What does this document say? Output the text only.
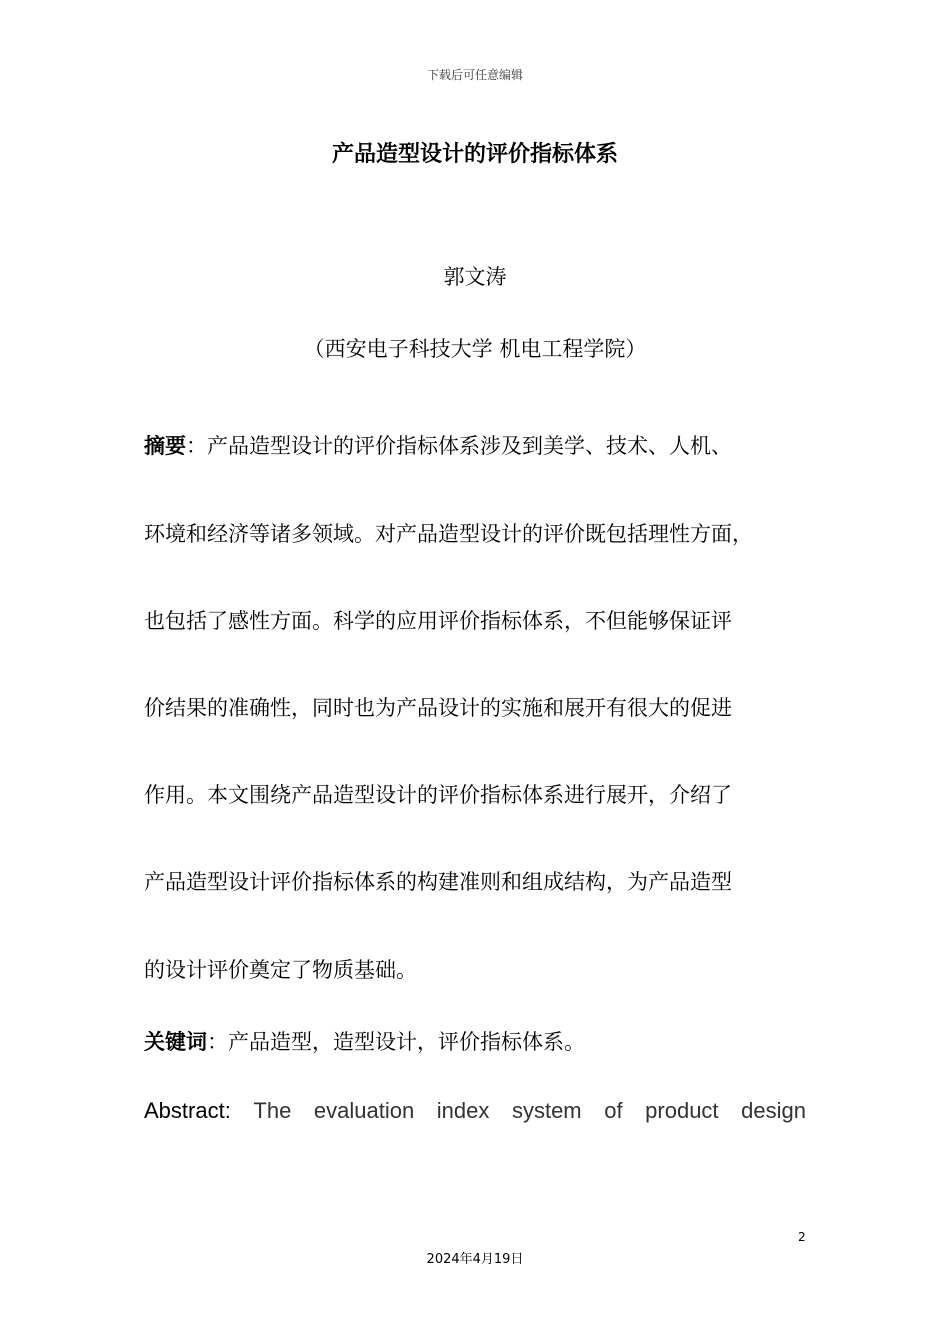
下载后可任意编辑
产品造型设计的评价指标体系
郭文涛
（西安电子科技大学 机电工程学院）
摘要：产品造型设计的评价指标体系涉及到美学、技术、人机、
环境和经济等诸多领域。对产品造型设计的评价既包括理性方面，
也包括了感性方面。科学的应用评价指标体系，不但能够保证评
价结果的准确性，同时也为产品设计的实施和展开有很大的促进
作用。本文围绕产品造型设计的评价指标体系进行展开，介绍了
产品造型设计评价指标体系的构建准则和组成结构，为产品造型
的设计评价奠定了物质基础。
关键词：产品造型，造型设计，评价指标体系。
Abstract: The evaluation index system of product design
2
2024年4月19日
